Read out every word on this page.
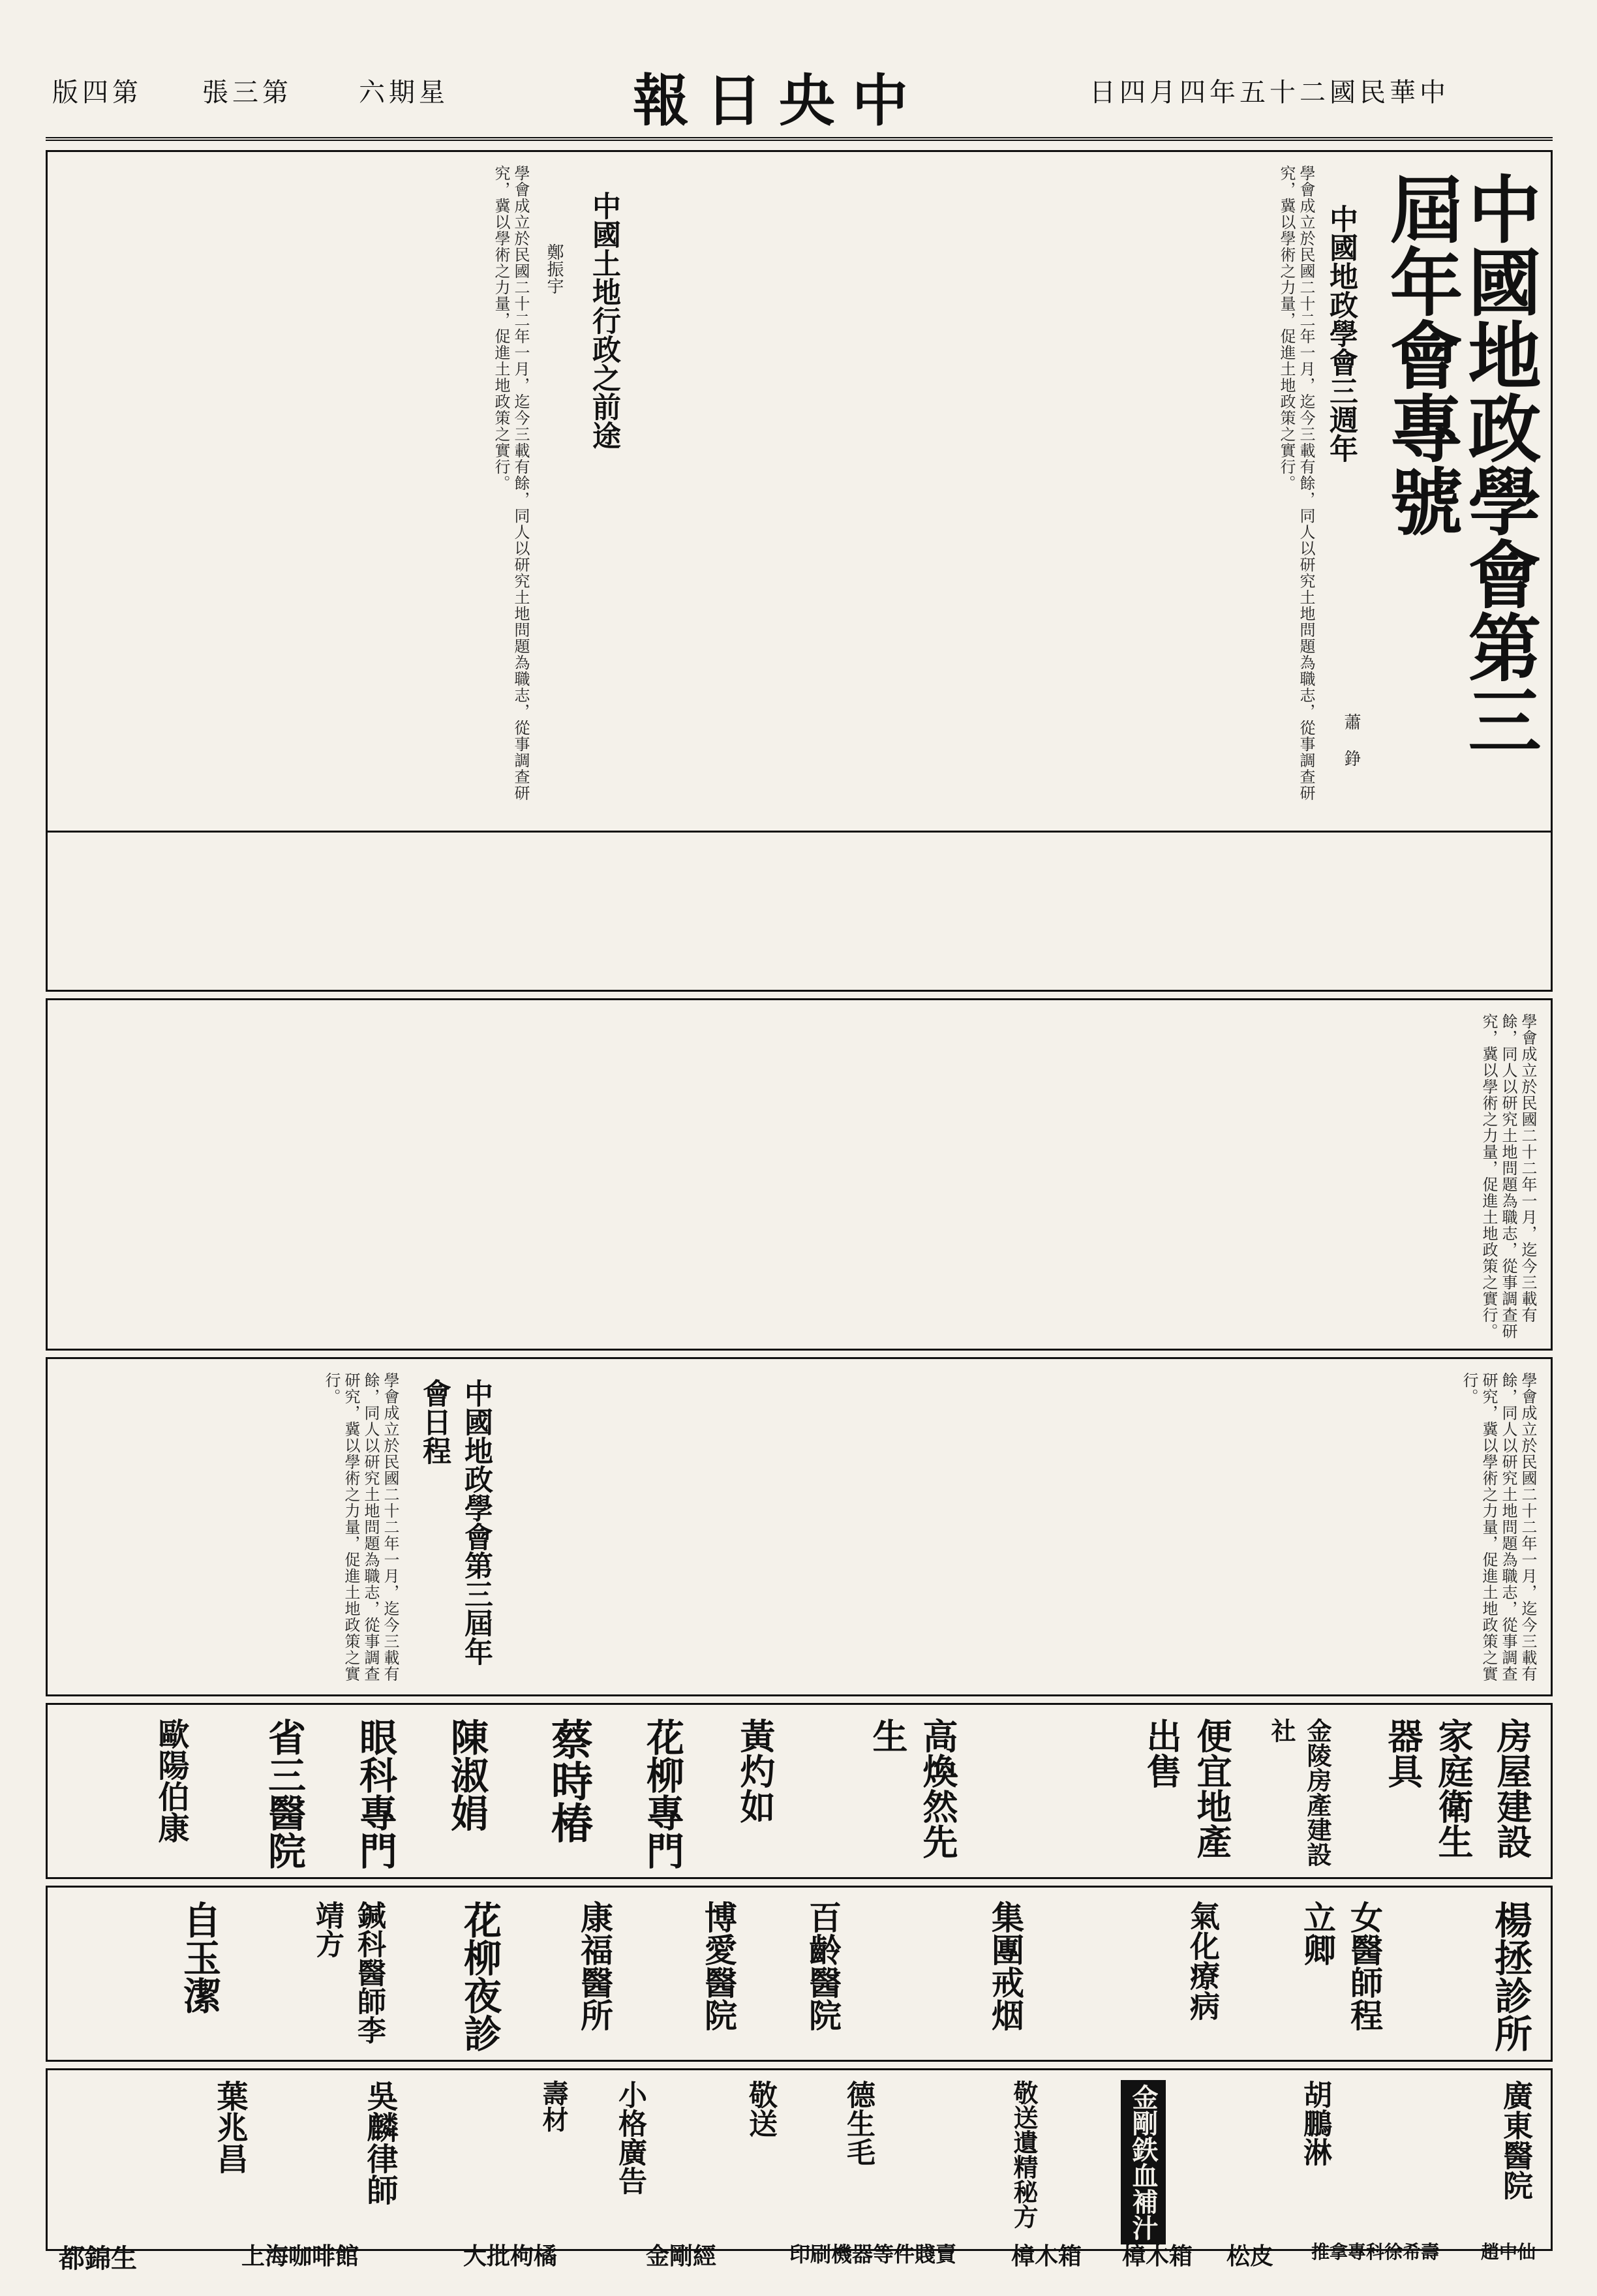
版四第 張三第	六期星	報日央中	日四月四年五十二國民華中
中國地政學會第三屆年會專號
中國地政學會三週年
蕭 錚
學會成立於民國二十二年一月，迄今三載有餘，同人以研究土地問題為職志，從事調查研究，冀以學術之力量，促進土地政策之實行。
中國土地行政之前途
鄭振宇
學會成立於民國二十二年一月，迄今三載有餘，同人以研究土地問題為職志，從事調查研究，冀以學術之力量，促進土地政策之實行。
學會成立於民國二十二年一月，迄今三載有餘，同人以研究土地問題為職志，從事調查研究，冀以學術之力量，促進土地政策之實行。
中國地政學會第三屆年會日程
學會成立於民國二十二年一月，迄今三載有餘，同人以研究土地問題為職志，從事調查研究，冀以學術之力量，促進土地政策之實行。	學會成立於民國二十二年一月，迄今三載有餘，同人以研究土地問題為職志，從事調查研究，冀以學術之力量，促進土地政策之實行。
房屋建設
家庭衛生器具
金陵房產建設社
便宜地產出售
高煥然先生
黃灼如
花柳專門
蔡時椿
陳淑娟
眼科專門
省三醫院
歐陽伯康
楊拯診所
女醫師程立卿
氣化療病
集團戒烟
百齡醫院
博愛醫院
康福醫所
花柳夜診
鍼科醫師李靖方
自玉潔
廣東醫院
胡鵬淋
金剛鉄血補汁
敬送遺精秘方
德生毛
敬送
小格廣告
壽材
吳麟律師
葉兆昌
都錦生	上海咖啡館	大批枸橘	金剛經	印刷機器等件賤賣 樟木箱 樟木箱 松皮 推拿專科徐希壽 趙中仙
